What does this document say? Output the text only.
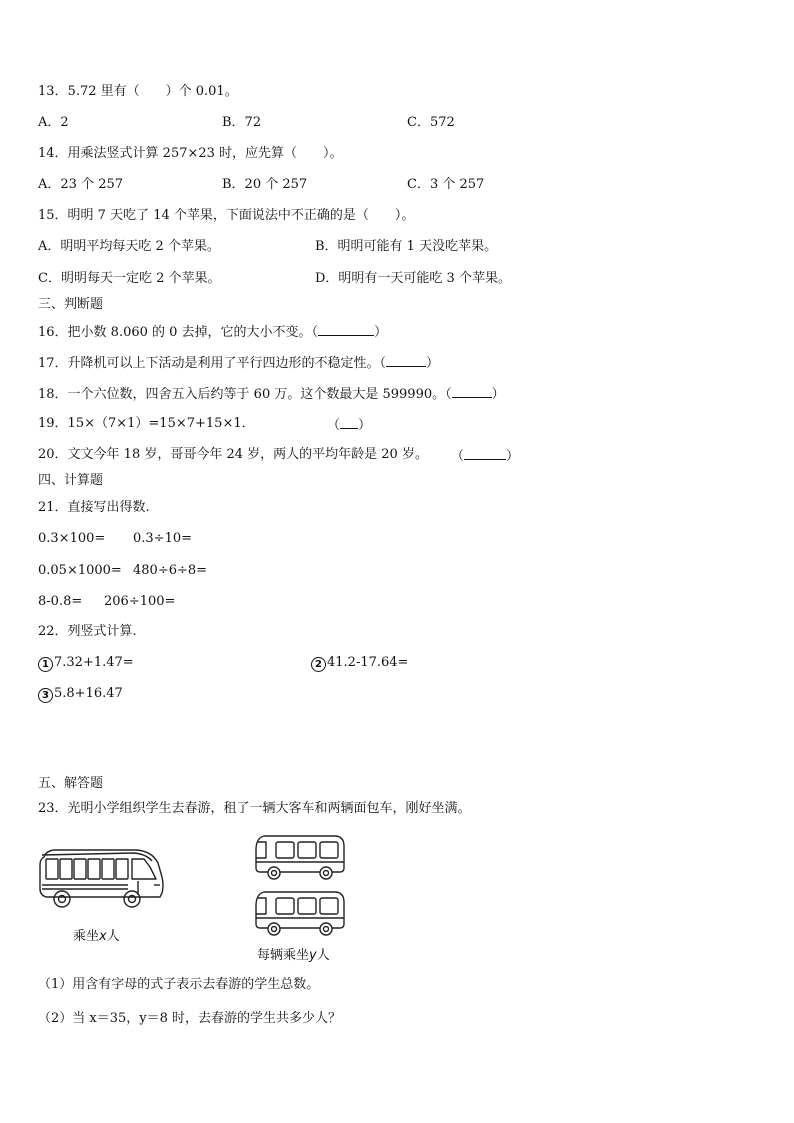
13．5.72 里有（　　）个 0.01。
A．2	B．72	C．572
14．用乘法竖式计算 257×23 时，应先算（　　）。
A．23 个 257	B．20 个 257	C．3 个 257
15．明明 7 天吃了 14 个苹果，下面说法中不正确的是（　　）。
A．明明平均每天吃 2 个苹果。	B．明明可能有 1 天没吃苹果。
C．明明每天一定吃 2 个苹果。	D．明明有一天可能吃 3 个苹果。
三、判断题
16．把小数 8.060 的 0 去掉，它的大小不变。（	）
17．升降机可以上下活动是利用了平行四边形的不稳定性。（	）
18．一个六位数，四舍五入后约等于 60 万。这个数最大是 599990。（	）
19．15×（7×1）=15×7+15×1．	（ ）
20．文文今年 18 岁，哥哥今年 24 岁，两人的平均年龄是 20 岁。 （	）
四、计算题
21．直接写出得数.
0.3×100= 0.3÷10=
0.05×1000= 480÷6÷8=
8-0.8= 206÷100=
22．列竖式计算.
1 7.32+1.47=	2 41.2-17.64=
3 5.8+16.47
五、解答题
23．光明小学组织学生去春游，租了一辆大客车和两辆面包车，刚好坐满。
乘坐x人
每辆乘坐y人
（1）用含有字母的式子表示去春游的学生总数。
（2）当 x＝35，y＝8 时，去春游的学生共多少人？
